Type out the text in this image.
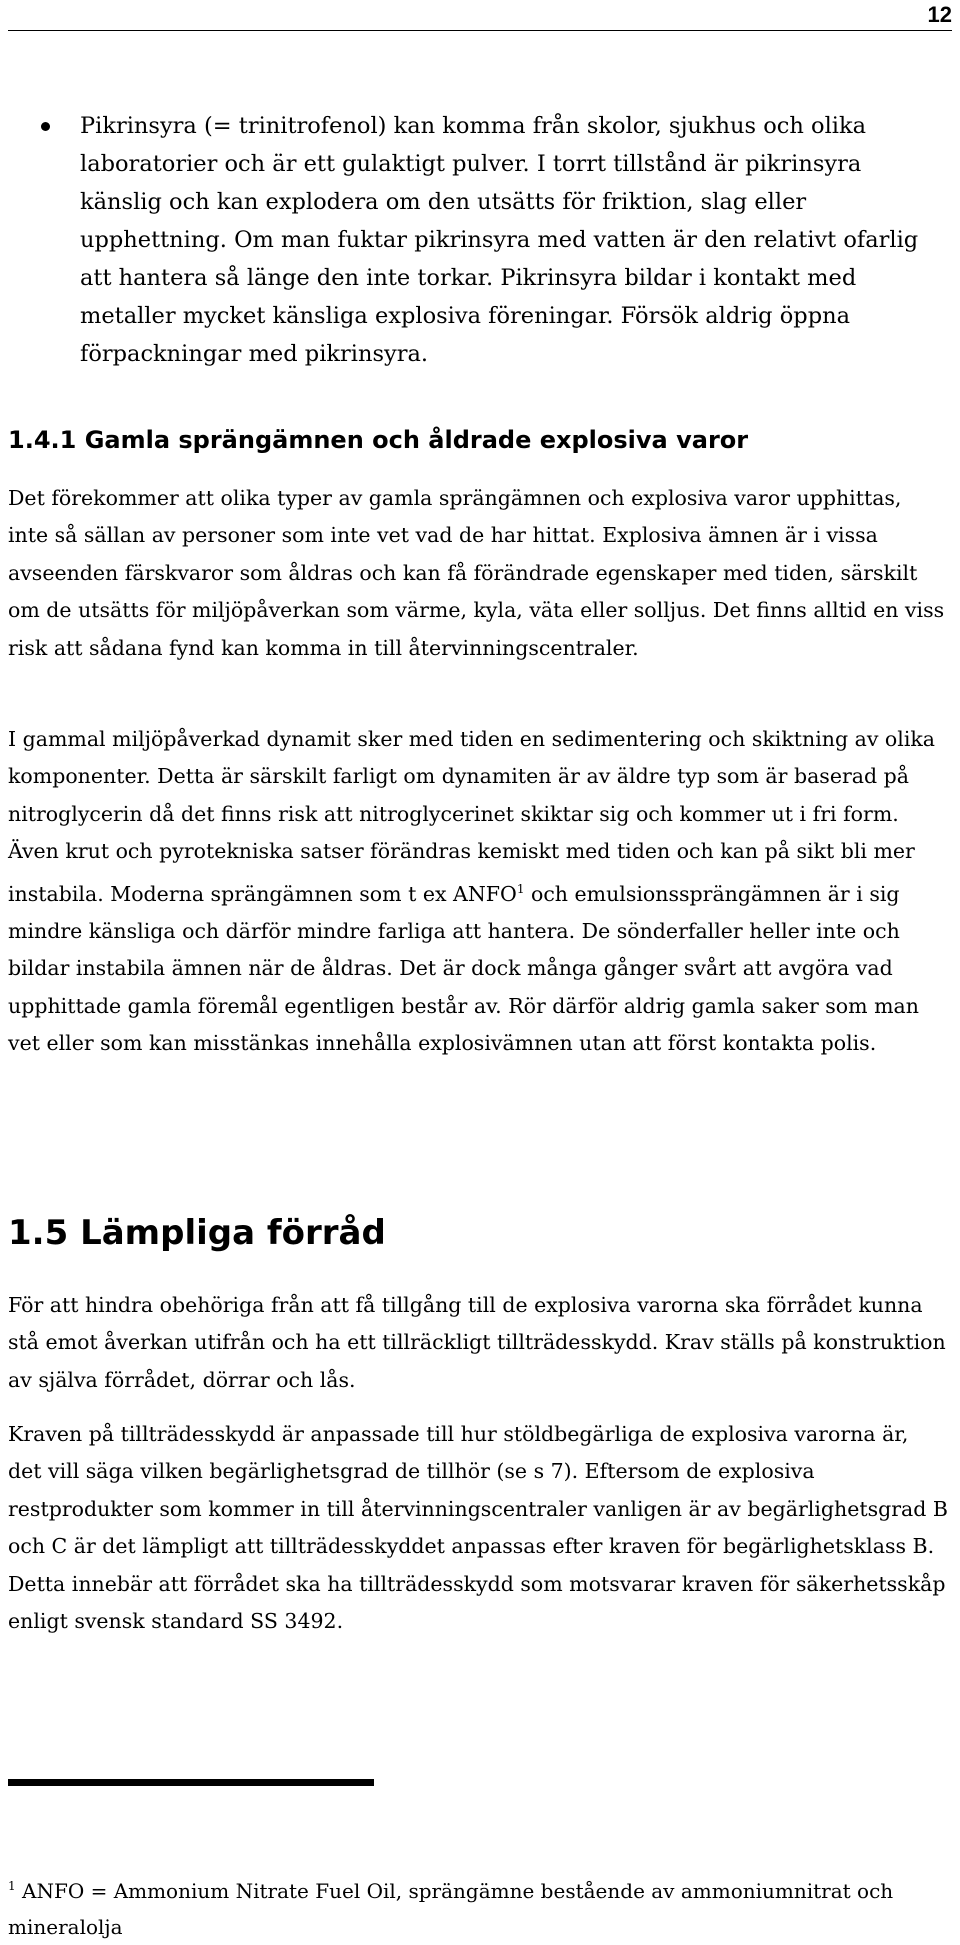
12
Pikrinsyra (= trinitrofenol) kan komma från skolor, sjukhus och olika laboratorier och är ett gulaktigt pulver. I torrt tillstånd är pikrinsyra känslig och kan explodera om den utsätts för friktion, slag eller upphettning. Om man fuktar pikrinsyra med vatten är den relativt ofarlig att hantera så länge den inte torkar. Pikrinsyra bildar i kontakt med metaller mycket känsliga explosiva föreningar. Försök aldrig öppna förpackningar med pikrinsyra.
1.4.1 Gamla sprängämnen och åldrade explosiva varor

Det förekommer att olika typer av gamla sprängämnen och explosiva varor upphittas, inte så sällan av personer som inte vet vad de har hittat. Explosiva ämnen är i vissa avseenden färskvaror som åldras och kan få förändrade egenskaper med tiden, särskilt om de utsätts för miljöpåverkan som värme, kyla, väta eller solljus. Det finns alltid en viss risk att sådana fynd kan komma in till återvinningscentraler.

I gammal miljöpåverkad dynamit sker med tiden en sedimentering och skiktning av olika komponenter. Detta är särskilt farligt om dynamiten är av äldre typ som är baserad på nitroglycerin då det finns risk att nitroglycerinet skiktar sig och kommer ut i fri form. Även krut och pyrotekniska satser förändras kemiskt med tiden och kan på sikt bli mer instabila. Moderna sprängämnen som t ex ANFO$^1$ och emulsionssprängämnen är i sig mindre känsliga och därför mindre farliga att hantera. De sönderfaller heller inte och bildar instabila ämnen när de åldras. Det är dock många gånger svårt att avgöra vad upphittade gamla föremål egentligen består av. Rör därför aldrig gamla saker som man vet eller som kan misstänkas innehålla explosivämnen utan att först kontakta polis.

1.5 Lämpliga förråd

För att hindra obehöriga från att få tillgång till de explosiva varorna ska förrådet kunna stå emot åverkan utifrån och ha ett tillräckligt tillträdesskydd. Krav ställs på konstruktion av själva förrådet, dörrar och lås.

Kraven på tillträdesskydd är anpassade till hur stöldbegärliga de explosiva varorna är, det vill säga vilken begärlighetsgrad de tillhör (se s 7). Eftersom de explosiva restprodukter som kommer in till återvinningscentraler vanligen är av begärlighetsgrad B och C är det lämpligt att tillträdesskyddet anpassas efter kraven för begärlighetsklass B. Detta innebär att förrådet ska ha tillträdesskydd som motsvarar kraven för säkerhetsskåp enligt svensk standard SS 3492.

$^1$ ANFO = Ammonium Nitrate Fuel Oil, sprängämne bestående av ammoniumnitrat och mineralolja
